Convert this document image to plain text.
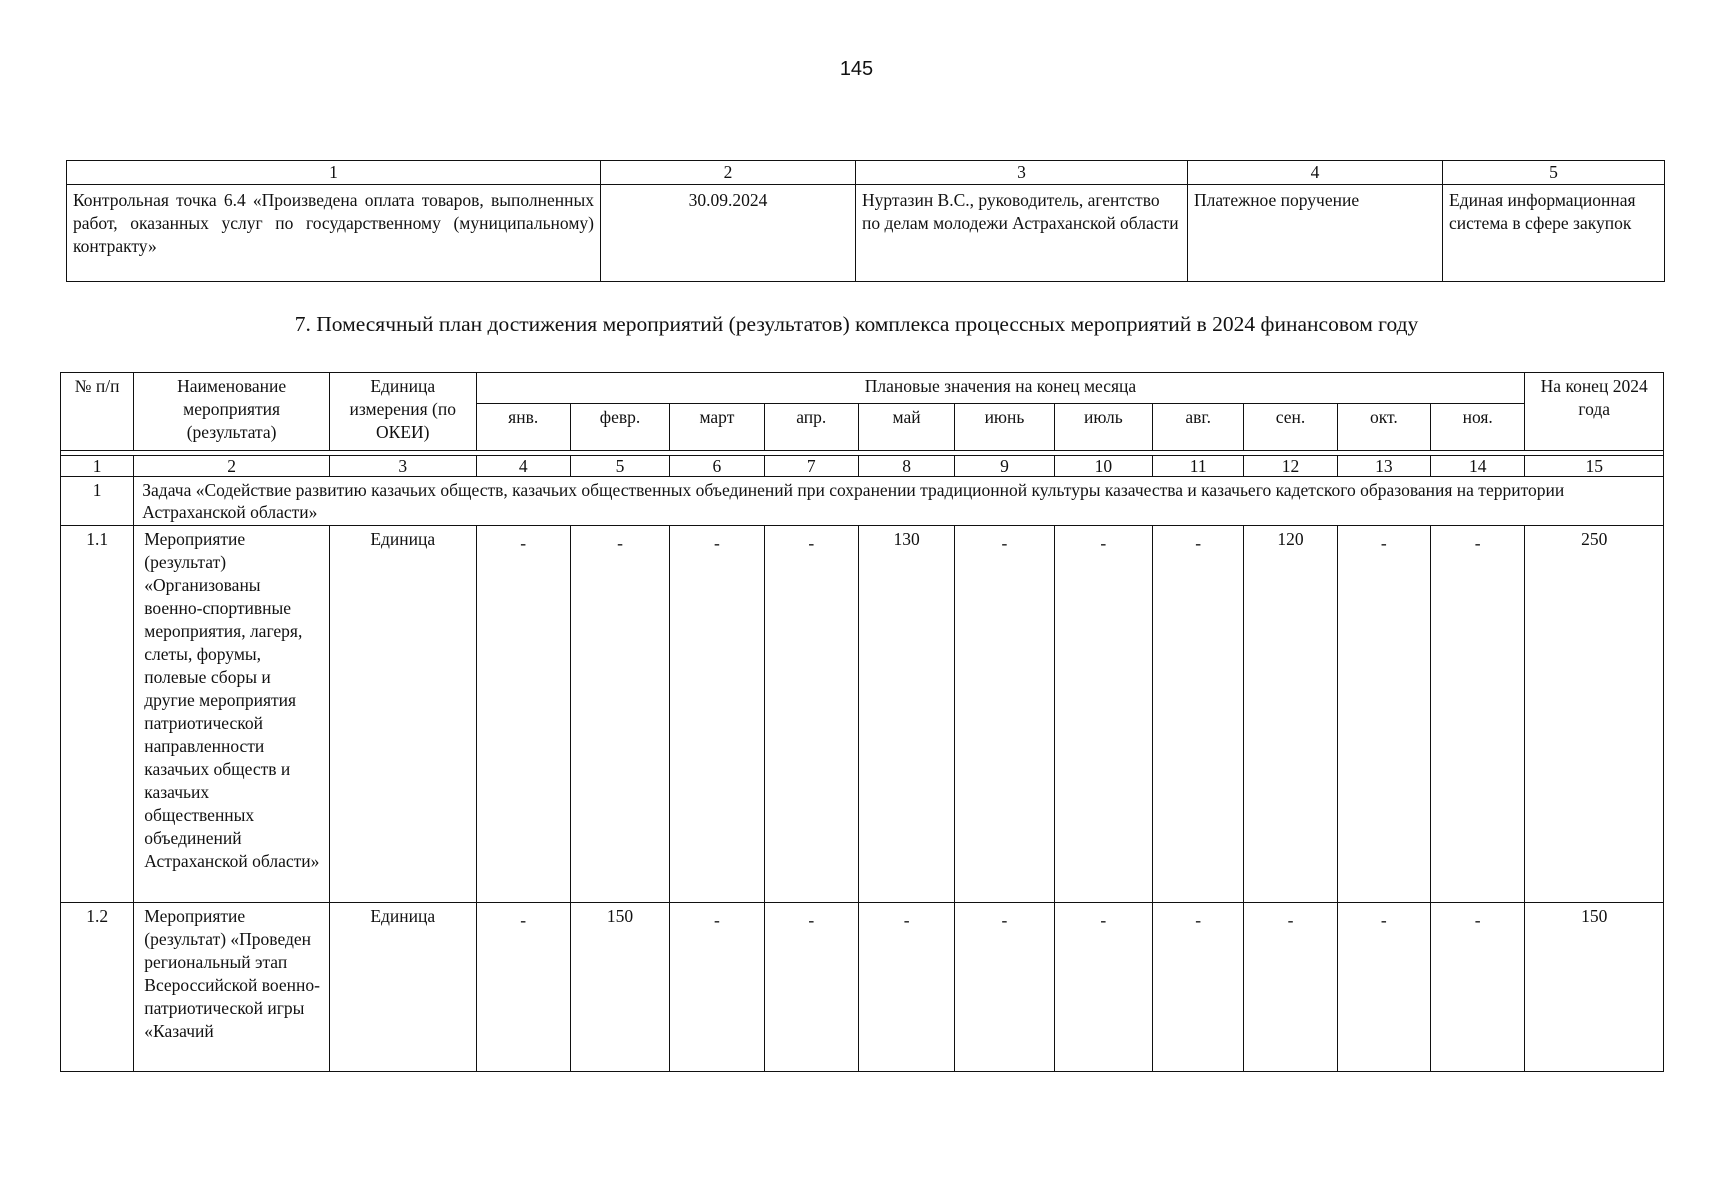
145
1	2	3	4	5
Контрольная точка 6.4 «Произведена оплата товаров, выполненных работ, оказанных услуг по государственному (муниципальному) контракту»	30.09.2024	Нуртазин В.С., руководитель, агентство по делам молодежи Астраханской области	Платежное поручение	Единая информационная система в сфере закупок
7. Помесячный план достижения мероприятий (результатов) комплекса процессных мероприятий в 2024 финансовом году
№ п/п	Наименование мероприятия (результата)	Единица измерения (по ОКЕИ)	Плановые значения на конец месяца											На конец 2024 года
			янв.	февр.	март	апр.	май	июнь	июль	авг.	сен.	окт.	ноя.	

1	2	3	4	5	6	7	8	9	10	11	12	13	14	15
1	Задача «Содействие развитию казачьих обществ, казачьих общественных объединений при сохранении традиционной культуры казачества и казачьего кадетского образования на территории Астраханской области»													
1.1	Мероприятие (результат) «Организованы военно-спортивные мероприятия, лагеря, слеты, форумы, полевые сборы и другие мероприятия патриотической направленности казачьих обществ и казачьих общественных объединений Астраханской области»	Единица	-	-	-	-	130	-	-	-	120	-	-	250
1.2	Мероприятие (результат) «Проведен региональный этап Всероссийской военно-патриотической игры «Казачий	Единица	-	150	-	-	-	-	-	-	-	-	-	150
